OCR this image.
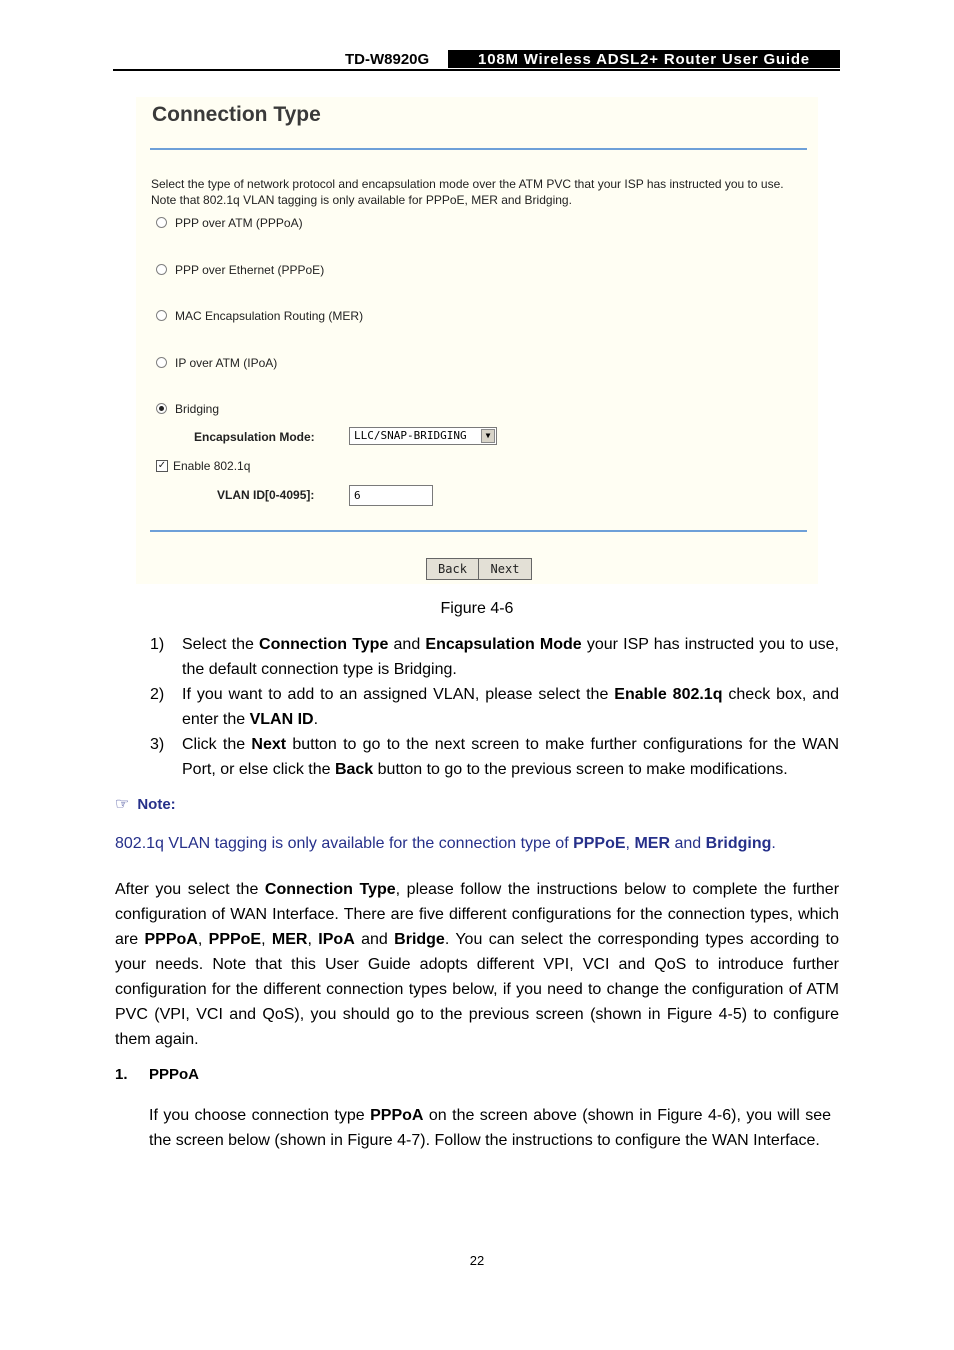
TD-W8920G	108M Wireless ADSL2+ Router User Guide
Connection Type
Select the type of network protocol and encapsulation mode over the ATM PVC that your ISP has instructed you to use. Note that 802.1q VLAN tagging is only available for PPPoE, MER and Bridging.
PPP over ATM (PPPoA)
PPP over Ethernet (PPPoE)
MAC Encapsulation Routing (MER)
IP over ATM (IPoA)
Bridging
Encapsulation Mode:	LLC/SNAP-BRIDGING	▼
✓ Enable 802.1q
VLAN ID[0-4095]:	6
Back	Next
Figure 4-6
1) Select the Connection Type and Encapsulation Mode your ISP has instructed you to use, the default connection type is Bridging.
2) If you want to add to an assigned VLAN, please select the Enable 802.1q check box, and enter the VLAN ID.
3) Click the Next button to go to the next screen to make further configurations for the WAN Port, or else click the Back button to go to the previous screen to make modifications.
☞ Note:
802.1q VLAN tagging is only available for the connection type of PPPoE, MER and Bridging.
After you select the Connection Type, please follow the instructions below to complete the further configuration of WAN Interface. There are five different configurations for the connection types, which are PPPoA, PPPoE, MER, IPoA and Bridge. You can select the corresponding types according to your needs. Note that this User Guide adopts different VPI, VCI and QoS to introduce further configuration for the different connection types below, if you need to change the configuration of ATM PVC (VPI, VCI and QoS), you should go to the previous screen (shown in Figure 4-5) to configure them again.
1. PPPoA
If you choose connection type PPPoA on the screen above (shown in Figure 4-6), you will see the screen below (shown in Figure 4-7). Follow the instructions to configure the WAN Interface.
22
